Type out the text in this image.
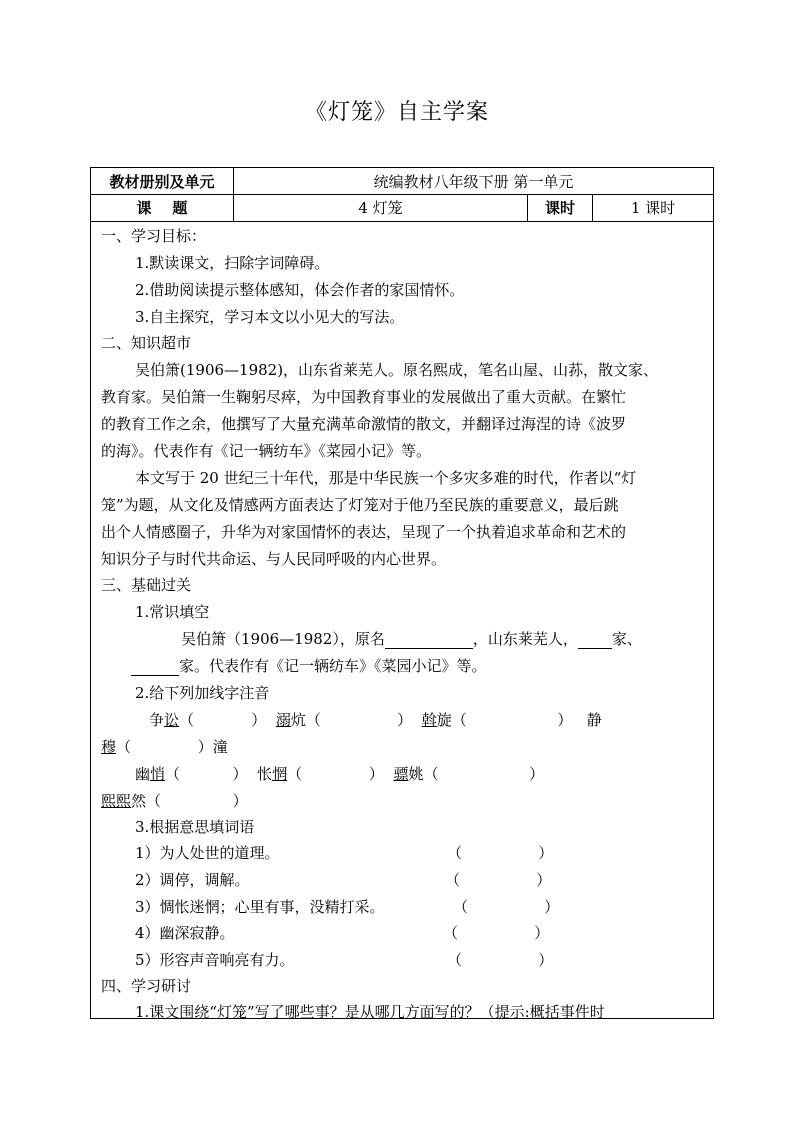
《灯笼》自主学案
教材册别及单元	统编教材八年级下册 第一单元
课    题	4 灯笼	课时	1 课时
一、学习目标：
1.默读课文，扫除字词障碍。
2.借助阅读提示整体感知，体会作者的家国情怀。
3.自主探究，学习本文以小见大的写法。
二、知识超市
吴伯箫(1906—1982)，山东省莱芜人。原名熙成，笔名山屋、山荪，散文家、
教育家。吴伯箫一生鞠躬尽瘁，为中国教育事业的发展做出了重大贡献。在繁忙
的教育工作之余，他撰写了大量充满革命激情的散文，并翻译过海涅的诗《波罗
的海》。代表作有《记一辆纺车》《菜园小记》等。
本文写于 20 世纪三十年代，那是中华民族一个多灾多难的时代，作者以“灯
笼”为题，从文化及情感两方面表达了灯笼对于他乃至民族的重要意义，最后跳
出个人情感圈子，升华为对家国情怀的表达，呈现了一个执着追求革命和艺术的
知识分子与时代共命运、与人民同呼吸的内心世界。
三、基础过关
1.常识填空
吴伯箫（1906—1982），原名	，山东莱芜人， 家、
家。代表作有《记一辆纺车》《菜园小记》等。
2.给下列加线字注音
争讼（	） 溺炕（	） 斡旋（	） 静
穆（	）潼
幽悄（	） 怅惘（	） 骠姚（	）
熙熙然（	）
3.根据意思填词语
1）为人处世的道理。	（                ）
2）调停，调解。	（                ）
3）惆怅迷惘；心里有事，没精打采。	（                ）
4）幽深寂静。	（                ）
5）形容声音响亮有力。	（                ）
四、学习研讨
1.课文围绕“灯笼”写了哪些事？是从哪几方面写的？（提示:概括事件时
